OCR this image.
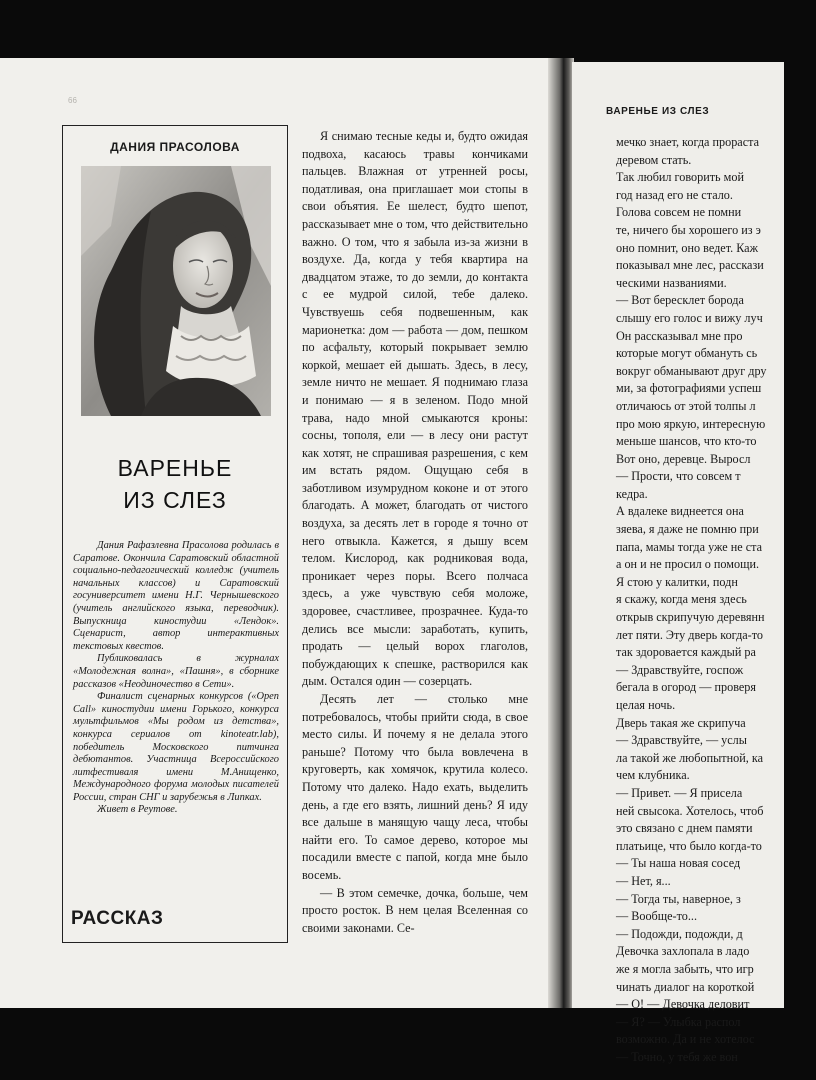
66
ДАНИЯ ПРАСОЛОВА
ВАРЕНЬЕ
ИЗ СЛЕЗ

Дания Рафазлевна Прасолова родилась в Саратове. Окончила Саратовский областной социально-педагогический колледж (учитель начальных классов) и Саратовский госуниверситет имени Н.Г. Чернышевского (учитель английского языка, переводчик). Выпускница киностудии «Лендок». Сценарист, автор интерактивных текстовых квестов.

Публиковалась в журналах «Молодежная волна», «Пашня», в сборнике рассказов «Неодиночество в Сети».

Финалист сценарных конкурсов («Open Call» киностудии имени Горького, конкурса мультфильмов «Мы родом из детства», конкурса сериалов от kinoteatr.lab), победитель Московского питчинга дебютантов. Участница Всероссийского литфестиваля имени М.Анищенко, Международного форума молодых писателей России, стран СНГ и зарубежья в Липках.

Живет в Реутове.

РАССКАЗ

Я снимаю тесные кеды и, будто ожидая подвоха, касаюсь травы кончиками пальцев. Влажная от утренней росы, податливая, она приглашает мои стопы в свои объятия. Ее шелест, будто шепот, рассказывает мне о том, что действительно важно. О том, что я забыла из-за жизни в воздухе. Да, когда у тебя квартира на двадцатом этаже, то до земли, до контакта с ее мудрой силой, тебе далеко. Чувствуешь себя подвешенным, как марионетка: дом — работа — дом, пешком по асфальту, который покрывает землю коркой, мешает ей дышать. Здесь, в лесу, земле ничто не мешает. Я поднимаю глаза и понимаю — я в зеленом. Подо мной трава, надо мной смыкаются кроны: сосны, тополя, ели — в лесу они растут как хотят, не спрашивая разрешения, с кем им встать рядом. Ощущаю себя в заботливом изумрудном коконе и от этого благодать. А может, благодать от чистого воздуха, за десять лет в городе я точно от него отвыкла. Кажется, я дышу всем телом. Кислород, как родниковая вода, проникает через поры. Всего полчаса здесь, а уже чувствую себя моложе, здоровее, счастливее, прозрачнее. Куда-то делись все мысли: заработать, купить, продать — целый ворох глаголов, побуждающих к спешке, растворился как дым. Остался один — созерцать.

Десять лет — столько мне потребовалось, чтобы прийти сюда, в свое место силы. И почему я не делала этого раньше? Потому что была вовлечена в круговерть, как хомячок, крутила колесо. Потому что далеко. Надо ехать, выделить день, а где его взять, лишний день? Я иду все дальше в манящую чащу леса, чтобы найти его. То самое дерево, которое мы посадили вместе с папой, когда мне было восемь.

— В этом семечке, дочка, больше, чем просто росток. В нем целая Вселенная со своими законами. Се-

ВАРЕНЬЕ ИЗ СЛЕЗ
мечко знает, когда прораста
деревом стать.
Так любил говорить мой
год назад его не стало.
Голова совсем не помни
те, ничего бы хорошего из э
оно помнит, оно ведет. Каж
показывал мне лес, расскази
ческими названиями.
— Вот бересклет борода
слышу его голос и вижу луч
Он рассказывал мне про
которые могут обмануть сь
вокруг обманывают друг дру
ми, за фотографиями успеш
отличаюсь от этой толпы л
про мою яркую, интересную
меньше шансов, что кто-то
Вот оно, деревце. Выросл
— Прости, что совсем т
кедра.
А вдалеке виднеется она
зяева, я даже не помню при
папа, мамы тогда уже не ста
а он и не просил о помощи.
Я стою у калитки, подн
я скажу, когда меня здесь
открыв скрипучую деревянн
лет пяти. Эту дверь когда-то
так здоровается каждый ра
— Здравствуйте, госпож
бегала в огород — проверя
целая ночь.
Дверь такая же скрипуча
— Здравствуйте, — услы
ла такой же любопытной, ка
чем клубника.
— Привет. — Я присела
ней свысока. Хотелось, чтоб
это связано с днем памяти
платьице, что было когда-то
— Ты наша новая сосед
— Нет, я...
— Тогда ты, навeрное, з
— Вообще-то...
— Подожди, подожди, д
Девочка захлопала в ладо
же я могла забыть, что игр
чинать диалог на короткой
— О! — Девочка деловит
— Я? — Улыбка распол
возможно. Да и не хотелос
— Точно, у тебя же вон
